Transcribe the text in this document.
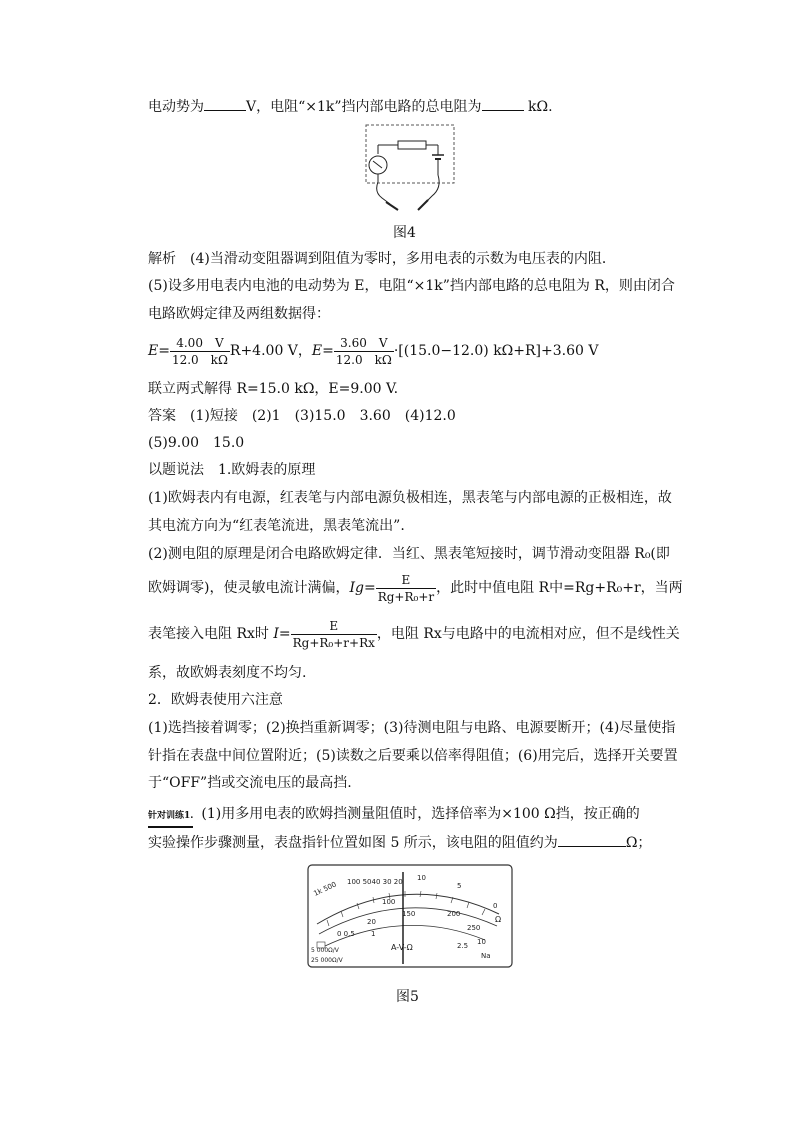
电动势为	V，电阻“×1k”挡内部电路的总电阻为	kΩ.
图4
解析　(4)当滑动变阻器调到阻值为零时，多用电表的示数为电压表的内阻．
(5)设多用电表内电池的电动势为 E，电阻“×1k”挡内部电路的总电阻为 R，则由闭合
电路欧姆定律及两组数据得：
$E= \frac{4.00 V}{12.0 k\Omega} R+4.00$ V，$E= \frac{3.60 V}{12.0 k\Omega} \cdot[(15.0-12.0)$ kΩ+R]+3.60 V
联立两式解得 R=15.0 kΩ，E=9.00 V.
答案　(1)短接　(2)1　(3)15.0　3.60　(4)12.0
(5)9.00　15.0
以题说法　1.欧姆表的原理
(1)欧姆表内有电源，红表笔与内部电源负极相连，黑表笔与内部电源的正极相连，故
其电流方向为“红表笔流进，黑表笔流出”.
(2)测电阻的原理是闭合电路欧姆定律．当红、黑表笔短接时，调节滑动变阻器 R₀(即
欧姆调零)，使灵敏电流计满偏，$Ig= \frac{E}{\text{Rg+R₀+r}}$ ，此时中值电阻 R中=Rg+R₀+r，当两
表笔接入电阻 Rx时 $I= \frac{E}{\text{Rg+R₀+r+Rx}}$ ，电阻 Rx与电路中的电流相对应，但不是线性关
系，故欧姆表刻度不均匀.
2．欧姆表使用六注意
(1)选挡接着调零；(2)换挡重新调零；(3)待测电阻与电路、电源要断开；(4)尽量使指
针指在表盘中间位置附近；(5)读数之后要乘以倍率得阻值；(6)用完后，选择开关要置
于“OFF”挡或交流电压的最高挡.
针对训练1. (1)用多用电表的欧姆挡测量阻值时，选择倍率为×100 Ω挡，按正确的
实验操作步骤测量，表盘指针位置如图 5 所示，该电阻的阻值约为	Ω；
1k 500 100 5040 30 20 10
5
0
Ω
100
150	200
250
20
2.5 10
0 0.5 1
A-V-Ω
Na
5 000Ω/V
25 000Ω/V
图5
